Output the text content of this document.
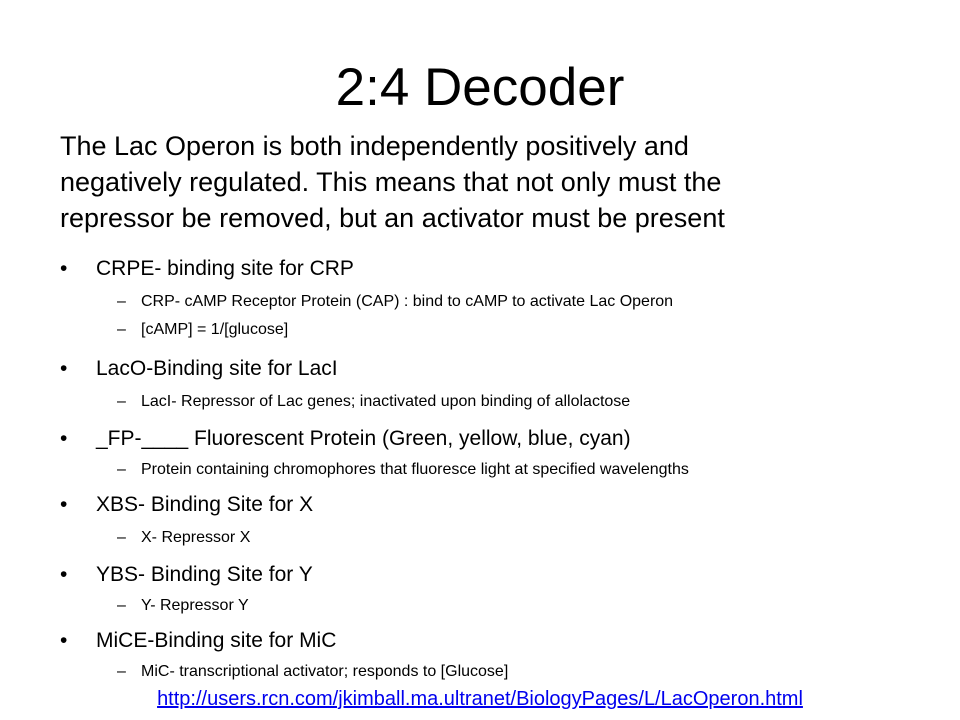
2:4 Decoder
The Lac Operon is both independently positively and
negatively regulated. This means that not only must the
repressor be removed, but an activator must be present
• CRPE- binding site for CRP
– CRP- cAMP Receptor Protein (CAP) : bind to cAMP to activate Lac Operon
– [cAMP] = 1/[glucose]
• LacO-Binding site for LacI
– LacI- Repressor of Lac genes; inactivated upon binding of allolactose
• _FP-____ Fluorescent Protein (Green, yellow, blue, cyan)
– Protein containing chromophores that fluoresce light at specified wavelengths
• XBS- Binding Site for X
– X- Repressor X
• YBS- Binding Site for Y
– Y- Repressor Y
• MiCE-Binding site for MiC
– MiC- transcriptional activator; responds to [Glucose]
http://users.rcn.com/jkimball.ma.ultranet/BiologyPages/L/LacOperon.html
